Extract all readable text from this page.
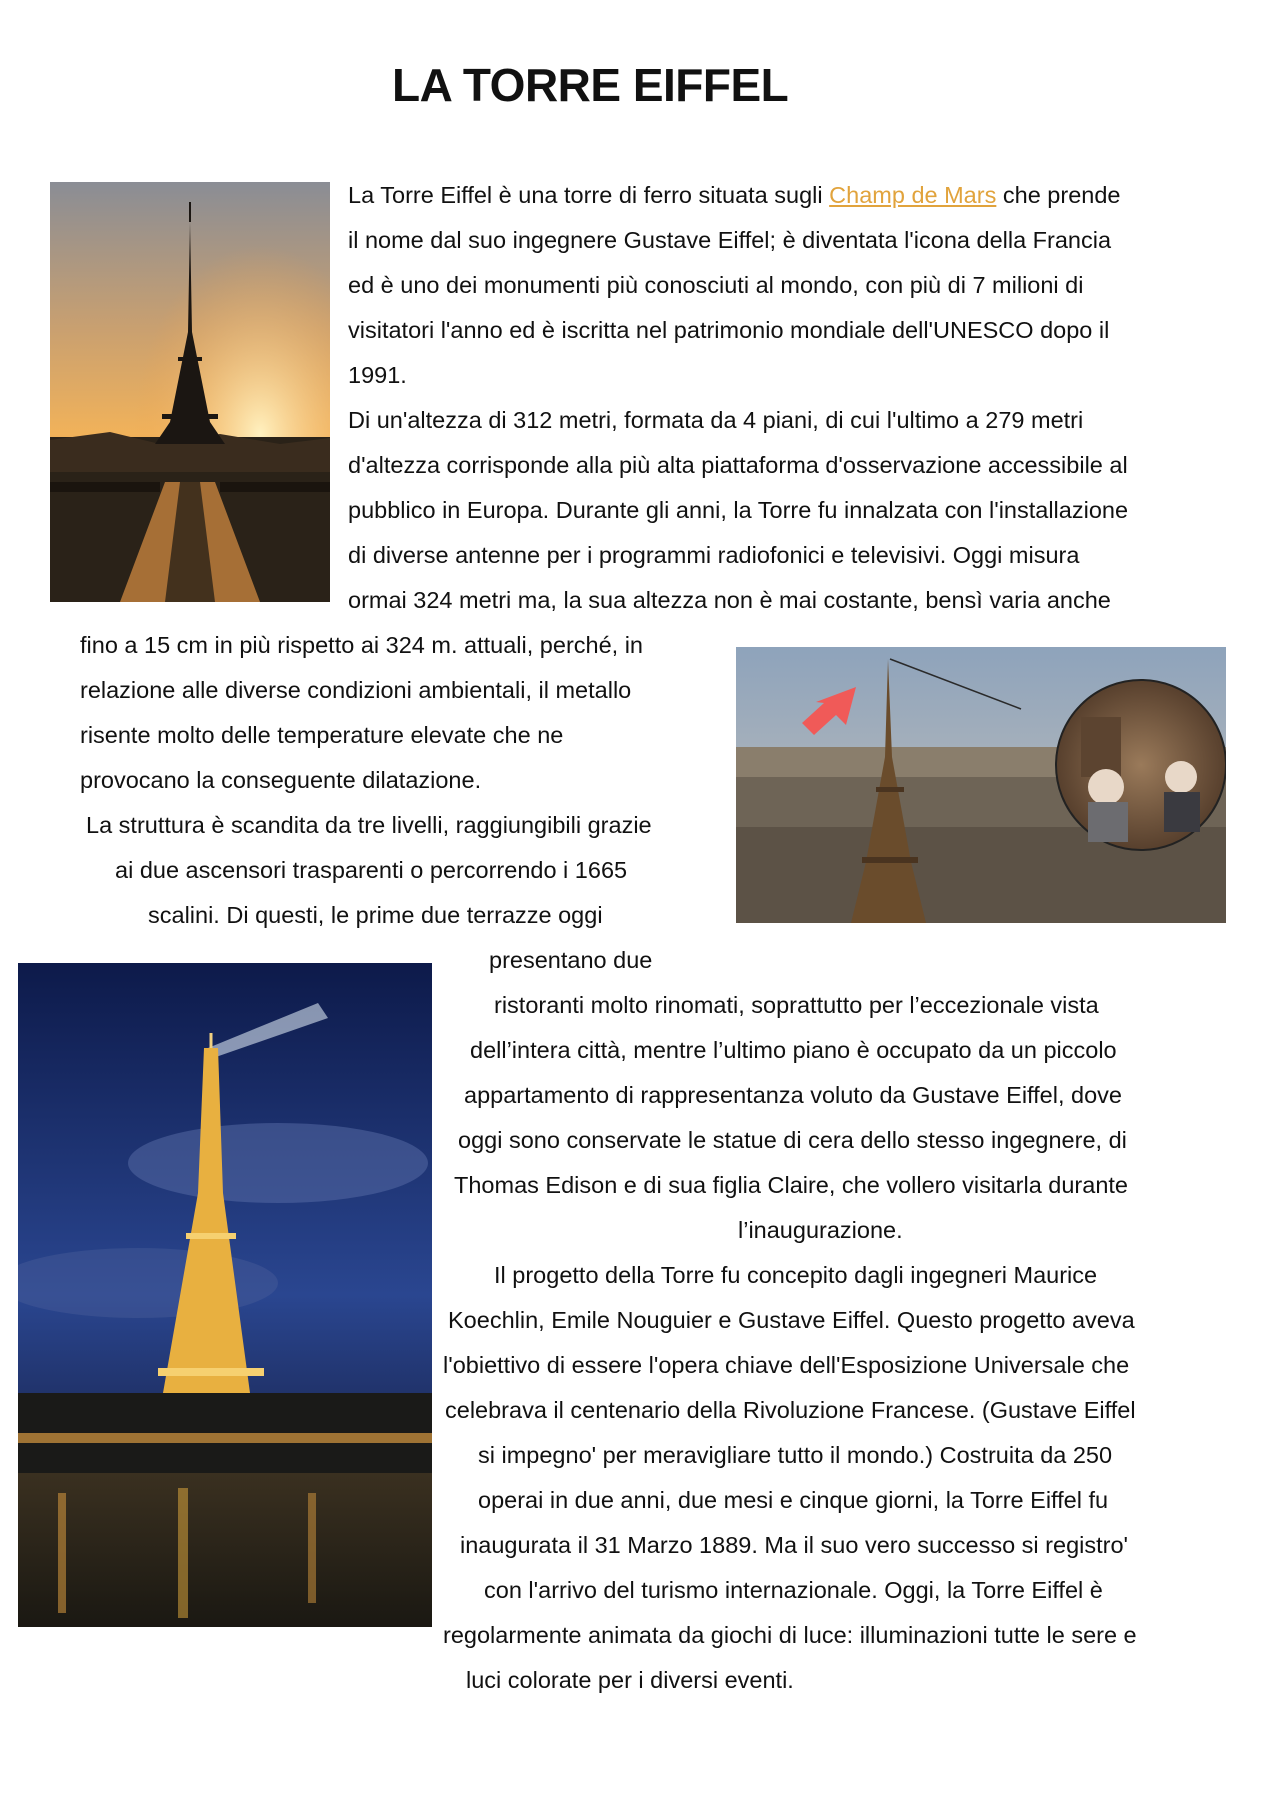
LA TORRE EIFFEL
La Torre Eiffel è una torre di ferro situata sugli Champ de Mars che prende
il nome dal suo ingegnere Gustave Eiffel; è diventata l'icona della Francia
ed è uno dei monumenti più conosciuti al mondo, con più di 7 milioni di
visitatori l'anno ed è iscritta nel patrimonio mondiale dell'UNESCO dopo il
1991.
Di un'altezza di 312 metri, formata da 4 piani, di cui l'ultimo a 279 metri
d'altezza corrisponde alla più alta piattaforma d'osservazione accessibile al
pubblico in Europa. Durante gli anni, la Torre fu innalzata con l'installazione
di diverse antenne per i programmi radiofonici e televisivi. Oggi misura
ormai 324 metri ma, la sua altezza non è mai costante, bensì varia anche
fino a 15 cm in più rispetto ai 324 m. attuali, perché, in
relazione alle diverse condizioni ambientali, il metallo
risente molto delle temperature elevate che ne
provocano la conseguente dilatazione.
La struttura è scandita da tre livelli, raggiungibili grazie
ai due ascensori trasparenti o percorrendo i 1665
scalini. Di questi, le prime due terrazze oggi
presentano due
ristoranti molto rinomati, soprattutto per l’eccezionale vista
dell’intera città, mentre l’ultimo piano è occupato da un piccolo
appartamento di rappresentanza voluto da Gustave Eiffel, dove
oggi sono conservate le statue di cera dello stesso ingegnere, di
Thomas Edison e di sua figlia Claire, che vollero visitarla durante
l’inaugurazione.
Il progetto della Torre fu concepito dagli ingegneri Maurice
Koechlin, Emile Nouguier e Gustave Eiffel. Questo progetto aveva
l'obiettivo di essere l'opera chiave dell'Esposizione Universale che
celebrava il centenario della Rivoluzione Francese. (Gustave Eiffel
si impegno' per meravigliare tutto il mondo.) Costruita da 250
operai in due anni, due mesi e cinque giorni, la Torre Eiffel fu
inaugurata il 31 Marzo 1889. Ma il suo vero successo si registro'
con l'arrivo del turismo internazionale. Oggi, la Torre Eiffel è
regolarmente animata da giochi di luce: illuminazioni tutte le sere e
luci colorate per i diversi eventi.
